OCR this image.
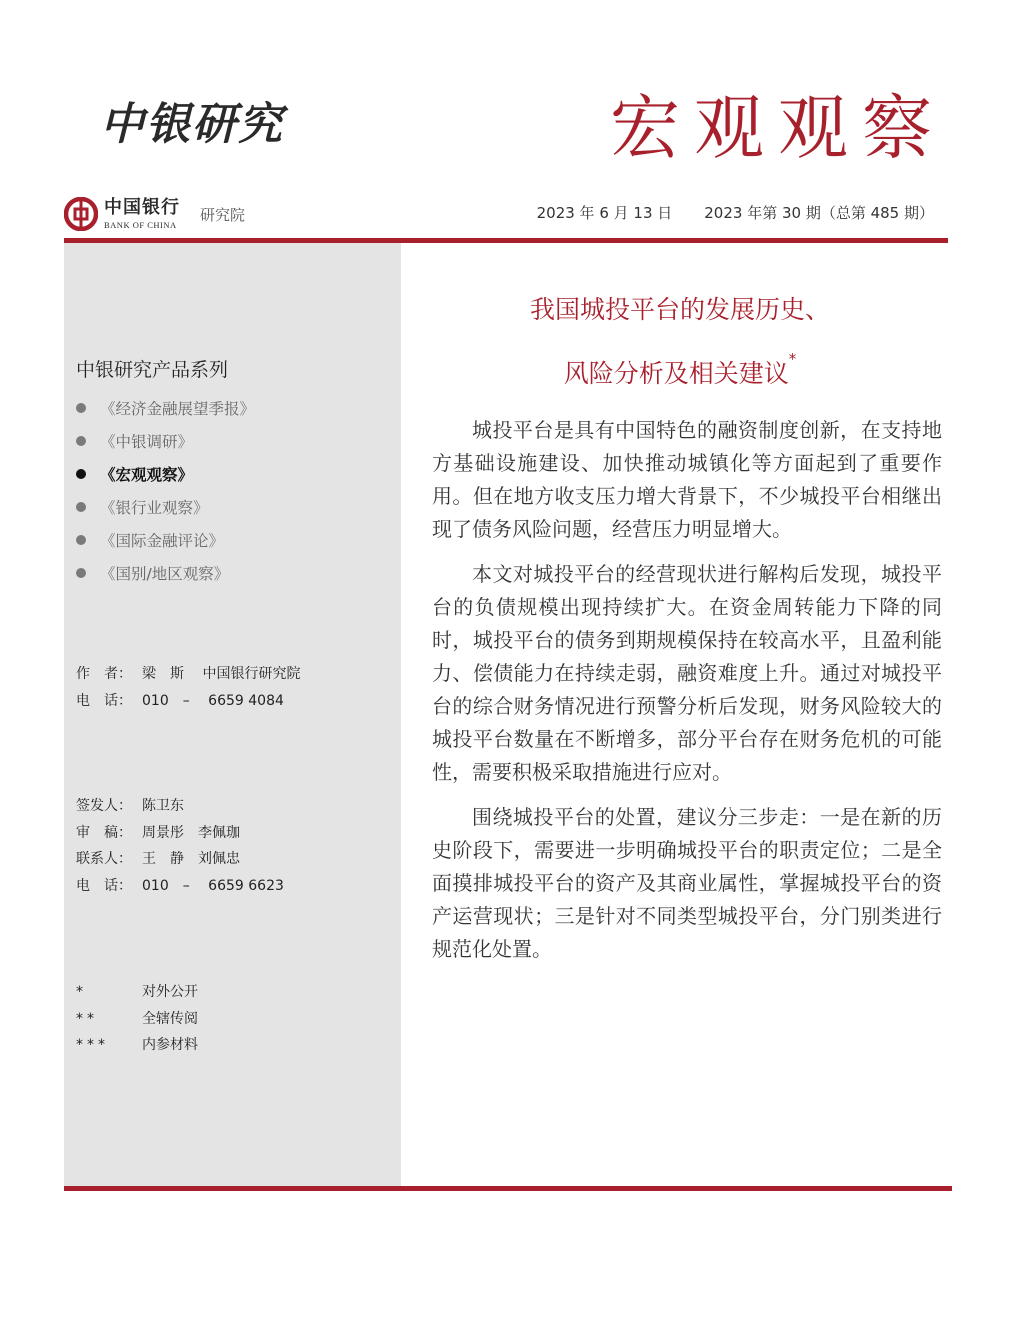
中银研究	宏观观察
中国银行
BANK OF CHINA
研究院	2023 年 6 月 13 日 2023 年第 30 期（总第 485 期）
中银研究产品系列
《经济金融展望季报》
《中银调研》
《宏观观察》
《银行业观察》
《国际金融评论》
《国别/地区观察》
作　者： 梁　斯　 中国银行研究院
电　话： 010　–　 6659 4084
签发人： 陈卫东
审　稿： 周景彤　李佩珈
联系人： 王　静　刘佩忠
电　话： 010　–　 6659 6623
*	对外公开
**	全辖传阅
*** 内参材料
我国城投平台的发展历史、
风险分析及相关建议*

城投平台是具有中国特色的融资制度创新，在支持地方基础设施建设、加快推动城镇化等方面起到了重要作用。但在地方收支压力增大背景下，不少城投平台相继出现了债务风险问题，经营压力明显增大。

本文对城投平台的经营现状进行解构后发现，城投平台的负债规模出现持续扩大。在资金周转能力下降的同时，城投平台的债务到期规模保持在较高水平，且盈利能力、偿债能力在持续走弱，融资难度上升。通过对城投平台的综合财务情况进行预警分析后发现，财务风险较大的城投平台数量在不断增多，部分平台存在财务危机的可能性，需要积极采取措施进行应对。

围绕城投平台的处置，建议分三步走：一是在新的历史阶段下，需要进一步明确城投平台的职责定位；二是全面摸排城投平台的资产及其商业属性，掌握城投平台的资产运营现状；三是针对不同类型城投平台，分门别类进行规范化处置。
